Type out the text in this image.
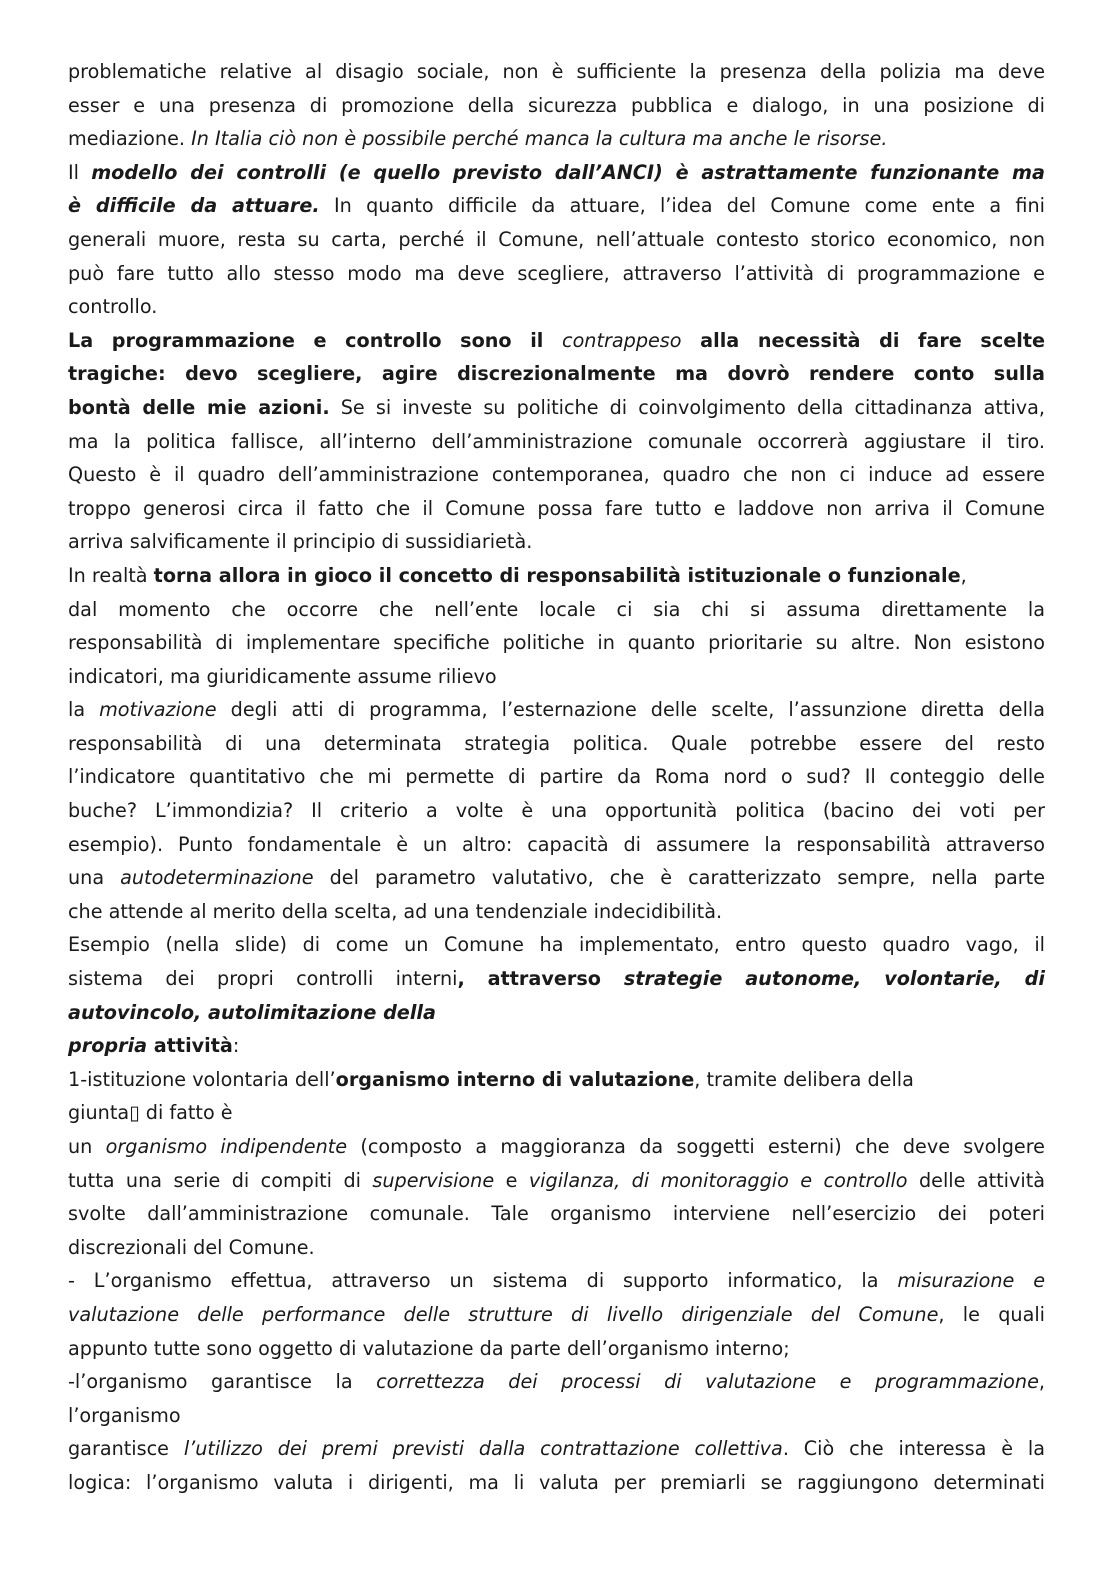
problematiche relative al disagio sociale, non è sufficiente la presenza della polizia ma deve

esser e una presenza di promozione della sicurezza pubblica e dialogo, in una posizione di

mediazione. In Italia ciò non è possibile perché manca la cultura ma anche le risorse.

Il modello dei controlli (e quello previsto dall’ANCI) è astrattamente funzionante ma

è difficile da attuare. In quanto difficile da attuare, l’idea del Comune come ente a fini

generali muore, resta su carta, perché il Comune, nell’attuale contesto storico economico, non

può fare tutto allo stesso modo ma deve scegliere, attraverso l’attività di programmazione e

controllo.

La programmazione e controllo sono il contrappeso alla necessità di fare scelte

tragiche: devo scegliere, agire discrezionalmente ma dovrò rendere conto sulla

bontà delle mie azioni. Se si investe su politiche di coinvolgimento della cittadinanza attiva,

ma la politica fallisce, all’interno dell’amministrazione comunale occorrerà aggiustare il tiro.

Questo è il quadro dell’amministrazione contemporanea, quadro che non ci induce ad essere

troppo generosi circa il fatto che il Comune possa fare tutto e laddove non arriva il Comune

arriva salvificamente il principio di sussidiarietà.

In realtà torna allora in gioco il concetto di responsabilità istituzionale o funzionale,

dal momento che occorre che nell’ente locale ci sia chi si assuma direttamente la

responsabilità di implementare specifiche politiche in quanto prioritarie su altre. Non esistono

indicatori, ma giuridicamente assume rilievo

la motivazione degli atti di programma, l’esternazione delle scelte, l’assunzione diretta della

responsabilità di una determinata strategia politica. Quale potrebbe essere del resto

l’indicatore quantitativo che mi permette di partire da Roma nord o sud? Il conteggio delle

buche? L’immondizia? Il criterio a volte è una opportunità politica (bacino dei voti per

esempio). Punto fondamentale è un altro: capacità di assumere la responsabilità attraverso

una autodeterminazione del parametro valutativo, che è caratterizzato sempre, nella parte

che attende al merito della scelta, ad una tendenziale indecidibilità.

Esempio (nella slide) di come un Comune ha implementato, entro questo quadro vago, il

sistema dei propri controlli interni, attraverso strategie autonome, volontarie, di

autovincolo, autolimitazione della

propria attività:

1-istituzione volontaria dell’organismo interno di valutazione, tramite delibera della

giunta▯ di fatto è

un organismo indipendente (composto a maggioranza da soggetti esterni) che deve svolgere

tutta una serie di compiti di supervisione e vigilanza, di monitoraggio e controllo delle attività

svolte dall’amministrazione comunale. Tale organismo interviene nell’esercizio dei poteri

discrezionali del Comune.

- L’organismo effettua, attraverso un sistema di supporto informatico, la misurazione e

valutazione delle performance delle strutture di livello dirigenziale del Comune, le quali

appunto tutte sono oggetto di valutazione da parte dell’organismo interno;

-l’organismo garantisce la correttezza dei processi di valutazione e programmazione,

l’organismo

garantisce l’utilizzo dei premi previsti dalla contrattazione collettiva. Ciò che interessa è la

logica: l’organismo valuta i dirigenti, ma li valuta per premiarli se raggiungono determinati
